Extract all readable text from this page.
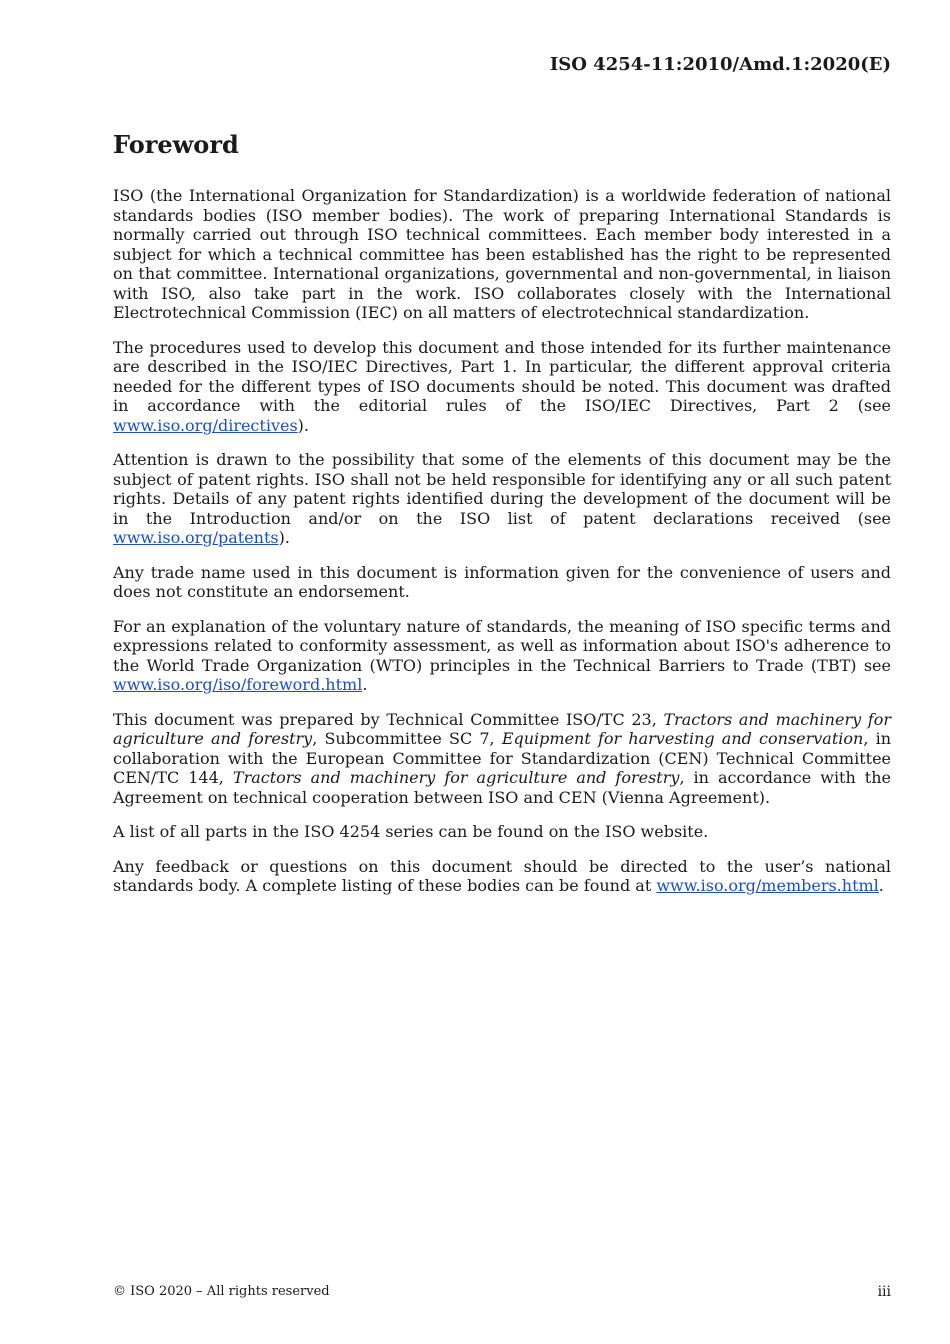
ISO 4254-11:2010/Amd.1:2020(E)
Foreword

ISO (the International Organization for Standardization) is a worldwide federation of national standards bodies (ISO member bodies). The work of preparing International Standards is normally carried out through ISO technical committees. Each member body interested in a subject for which a technical committee has been established has the right to be represented on that committee. International organizations, governmental and non-governmental, in liaison with ISO, also take part in the work. ISO collaborates closely with the International Electrotechnical Commission (IEC) on all matters of electrotechnical standardization.

The procedures used to develop this document and those intended for its further maintenance are described in the ISO/IEC Directives, Part 1. In particular, the different approval criteria needed for the different types of ISO documents should be noted. This document was drafted in accordance with the editorial rules of the ISO/IEC Directives, Part 2 (see www.iso.org/directives).

Attention is drawn to the possibility that some of the elements of this document may be the subject of patent rights. ISO shall not be held responsible for identifying any or all such patent rights. Details of any patent rights identified during the development of the document will be in the Introduction and/or on the ISO list of patent declarations received (see www.iso.org/patents).

Any trade name used in this document is information given for the convenience of users and does not constitute an endorsement.

For an explanation of the voluntary nature of standards, the meaning of ISO specific terms and expressions related to conformity assessment, as well as information about ISO's adherence to the World Trade Organization (WTO) principles in the Technical Barriers to Trade (TBT) see www.iso.org/iso/foreword.html.

This document was prepared by Technical Committee ISO/TC 23, Tractors and machinery for agriculture and forestry, Subcommittee SC 7, Equipment for harvesting and conservation, in collaboration with the European Committee for Standardization (CEN) Technical Committee CEN/TC 144, Tractors and machinery for agriculture and forestry, in accordance with the Agreement on technical cooperation between ISO and CEN (Vienna Agreement).

A list of all parts in the ISO 4254 series can be found on the ISO website.

Any feedback or questions on this document should be directed to the user’s national standards body. A complete listing of these bodies can be found at www.iso.org/members.html.

© ISO 2020 – All rights reserved	iii
